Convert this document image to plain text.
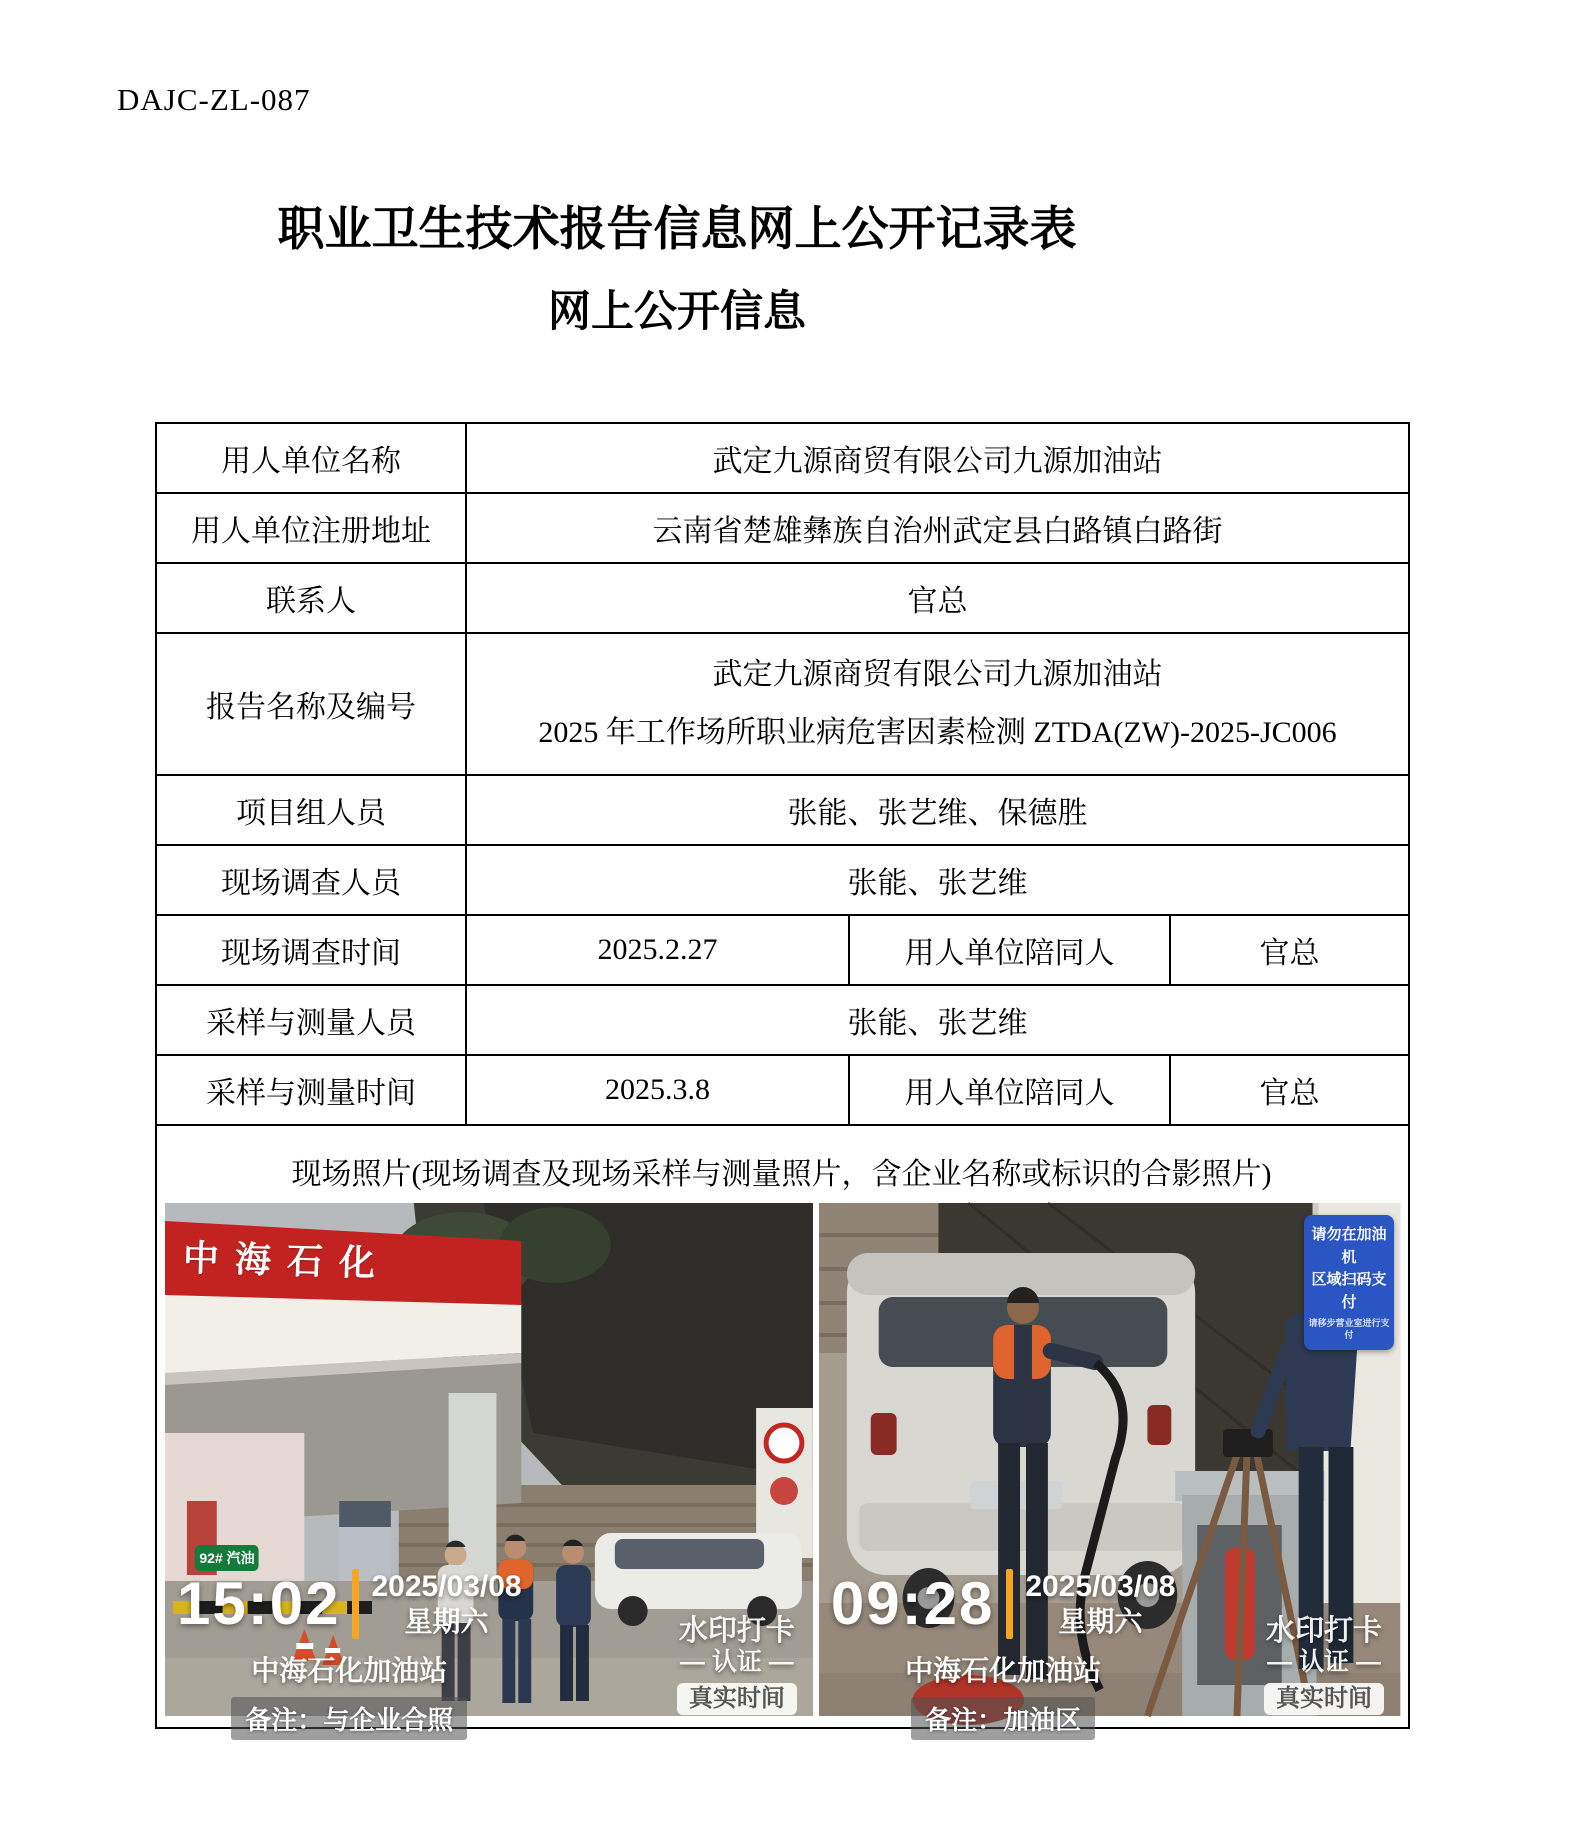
DAJC-ZL-087
职业卫生技术报告信息网上公开记录表
网上公开信息
用人单位名称	武定九源商贸有限公司九源加油站		
用人单位注册地址	云南省楚雄彝族自治州武定县白路镇白路街		
联系人	官总		
报告名称及编号	武定九源商贸有限公司九源加油站
2025 年工作场所职业病危害因素检测 ZTDA(ZW)-2025-JC006		

项目组人员	张能、张艺维、保德胜		
现场调查人员	张能、张艺维		
现场调查时间	2025.2.27	用人单位陪同人	官总
采样与测量人员	张能、张艺维		
采样与测量时间	2025.3.8	用人单位陪同人	官总

现场照片(现场调查及现场采样与测量照片，含企业名称或标识的合影照片)
中海石化
92# 汽油
15:02 2025/03/08
星期六
中海石化加油站
备注：与企业合照
水印打卡
— 认证 —
真实时间
请勿在加油机
区域扫码支付
请移步营业室进行支付
09:28 2025/03/08
星期六
中海石化加油站
备注：加油区
水印打卡
— 认证 —
真实时间
